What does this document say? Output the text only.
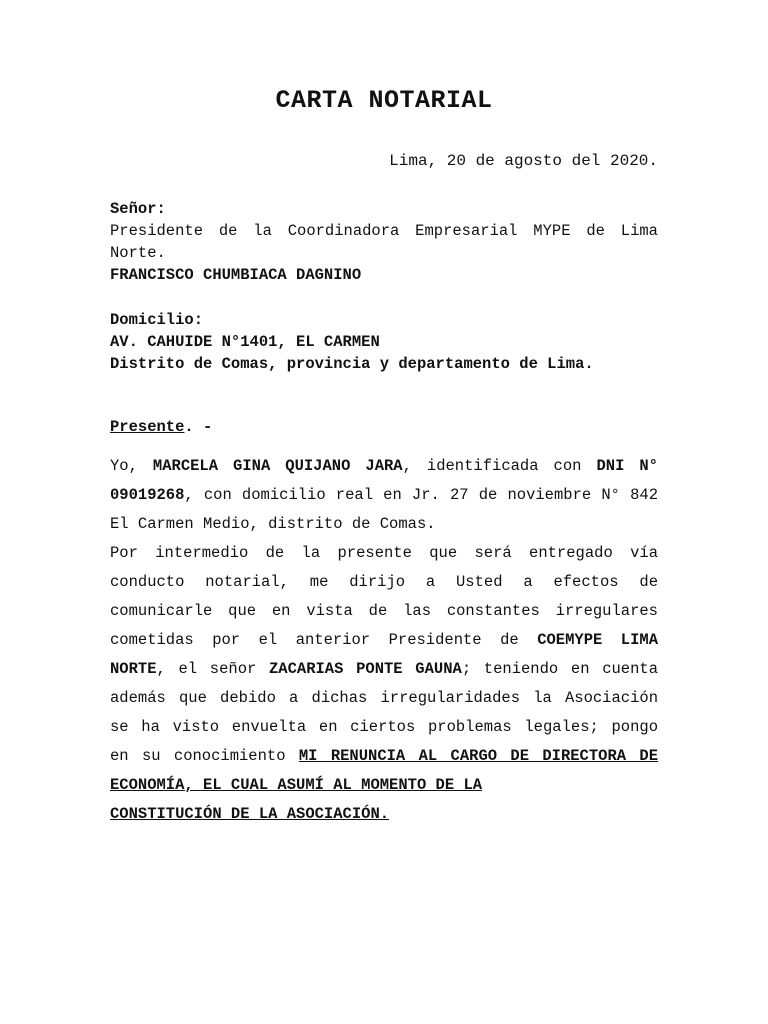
CARTA NOTARIAL
Lima, 20 de agosto del 2020.
Señor:
Presidente de la Coordinadora Empresarial MYPE de Lima Norte.
FRANCISCO CHUMBIACA DAGNINO
Domicilio:
AV. CAHUIDE N°1401, EL CARMEN
Distrito de Comas, provincia y departamento de Lima.
Presente. -

Yo, MARCELA GINA QUIJANO JARA, identificada con DNI N° 09019268, con domicilio real en Jr. 27 de noviembre N° 842 El Carmen Medio, distrito de Comas.

Por intermedio de la presente que será entregado vía conducto notarial, me dirijo a Usted a efectos de comunicarle que en vista de las constantes irregulares cometidas por el anterior Presidente de COEMYPE LIMA NORTE, el señor ZACARIAS PONTE GAUNA; teniendo en cuenta además que debido a dichas irregularidades la Asociación se ha visto envuelta en ciertos problemas legales; pongo en su conocimiento MI RENUNCIA AL CARGO DE DIRECTORA DE ECONOMÍA, EL CUAL ASUMÍ AL MOMENTO DE LA

CONSTITUCIÓN DE LA ASOCIACIÓN.
